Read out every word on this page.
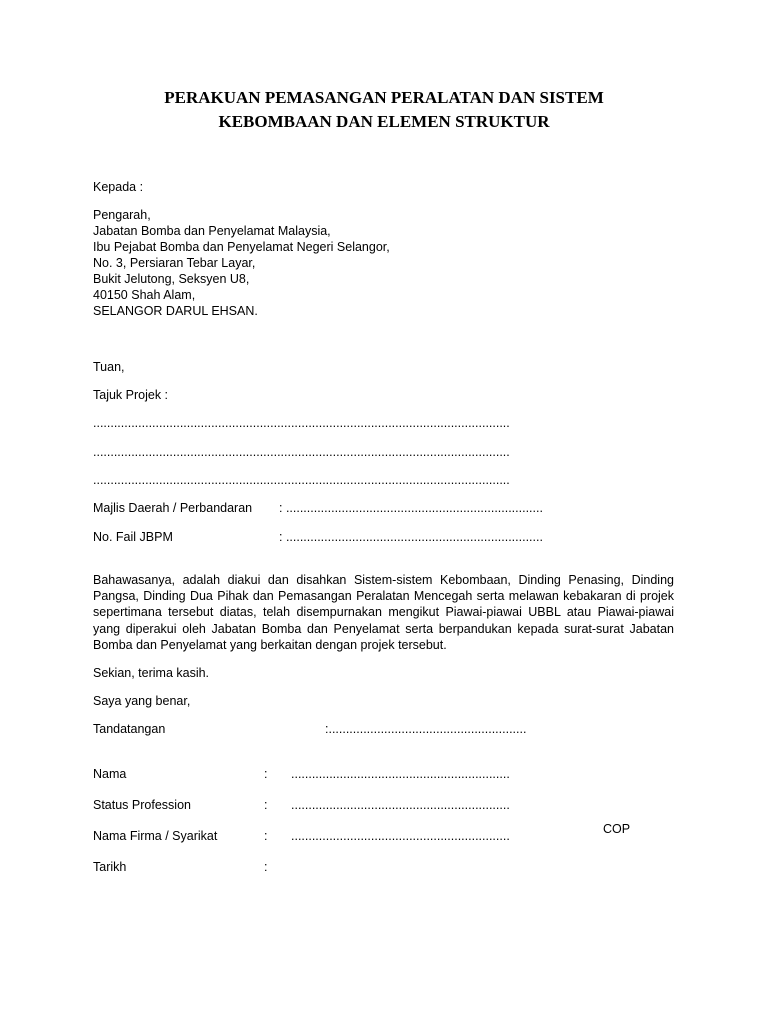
PERAKUAN PEMASANGAN PERALATAN DAN SISTEM
KEBOMBAAN DAN ELEMEN STRUKTUR
Kepada :
Pengarah,
Jabatan Bomba dan Penyelamat Malaysia,
Ibu Pejabat Bomba dan Penyelamat Negeri Selangor,
No. 3, Persiaran Tebar Layar,
Bukit Jelutong, Seksyen U8,
40150 Shah Alam,
SELANGOR DARUL EHSAN.
Tuan,
Tajuk Projek :
........................................................................................................................
........................................................................................................................
........................................................................................................................
Majlis Daerah / Perbandaran : ..........................................................................
No. Fail JBPM	: ..........................................................................
Bahawasanya, adalah diakui dan disahkan Sistem-sistem Kebombaan, Dinding Penasing, Dinding Pangsa, Dinding Dua Pihak dan Pemasangan Peralatan Mencegah serta melawan kebakaran di projek sepertimana tersebut diatas, telah disempurnakan mengikut Piawai-piawai UBBL atau Piawai-piawai yang diperakui oleh Jabatan Bomba dan Penyelamat serta berpandukan kepada surat-surat Jabatan Bomba dan Penyelamat yang berkaitan dengan projek tersebut.
Sekian, terima kasih.
Saya yang benar,
Tandatangan	:.........................................................
Nama	: ...............................................................
Status Profession	: ...............................................................
Nama Firma / Syarikat	: ...............................................................	COP
Tarikh	:
